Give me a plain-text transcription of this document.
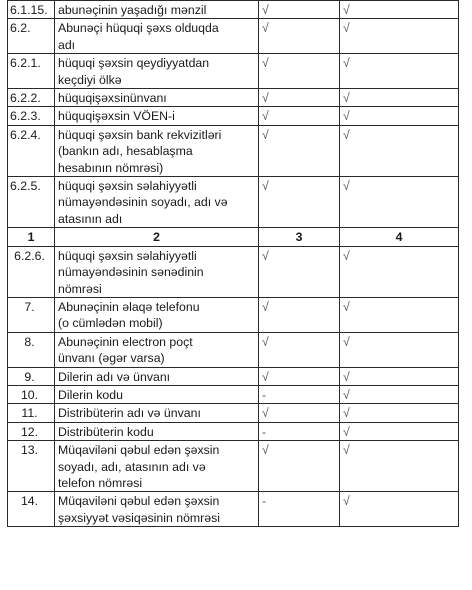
6.1.15.	abunəçinin yaşadığı mənzil	√	√

6.2.	Abunəçi hüquqi şəxs olduqda
adı	√	√

6.2.1.	hüquqi şəxsin qeydiyyatdan
keçdiyi ölkə	√	√

6.2.2.	hüquqişəxsinünvanı	√	√

6.2.3.	hüquqişəxsin VÖEN-i	√	√

6.2.4.	hüquqi şəxsin bank rekvizitləri
(bankın adı, hesablaşma
hesabının nömrəsi)	√	√

6.2.5.	hüquqi şəxsin səlahiyyətli
nümayəndəsinin soyadı, adı və
atasının adı	√	√

1	2	3	4

6.2.6.	hüquqi şəxsin səlahiyyətli
nümayəndəsinin sənədinin
nömrəsi	√	√

7.	Abunəçinin əlaqə telefonu
(o cümlədən mobil)	√	√

8.	Abunəçinin electron poçt
ünvanı (əgər varsa)	√	√

9.	Dilerin adı və ünvanı	√	√

10.	Dilerin kodu	-	√

11.	Distribüterin adı və ünvanı	√	√

12.	Distribüterin kodu	-	√

13.	Müqaviləni qəbul edən şəxsin
soyadı, adı, atasının adı və
telefon nömrəsi	√	√

14.	Müqaviləni qəbul edən şəxsin
şəxsiyyət vəsiqəsinin nömrəsi	-	√
